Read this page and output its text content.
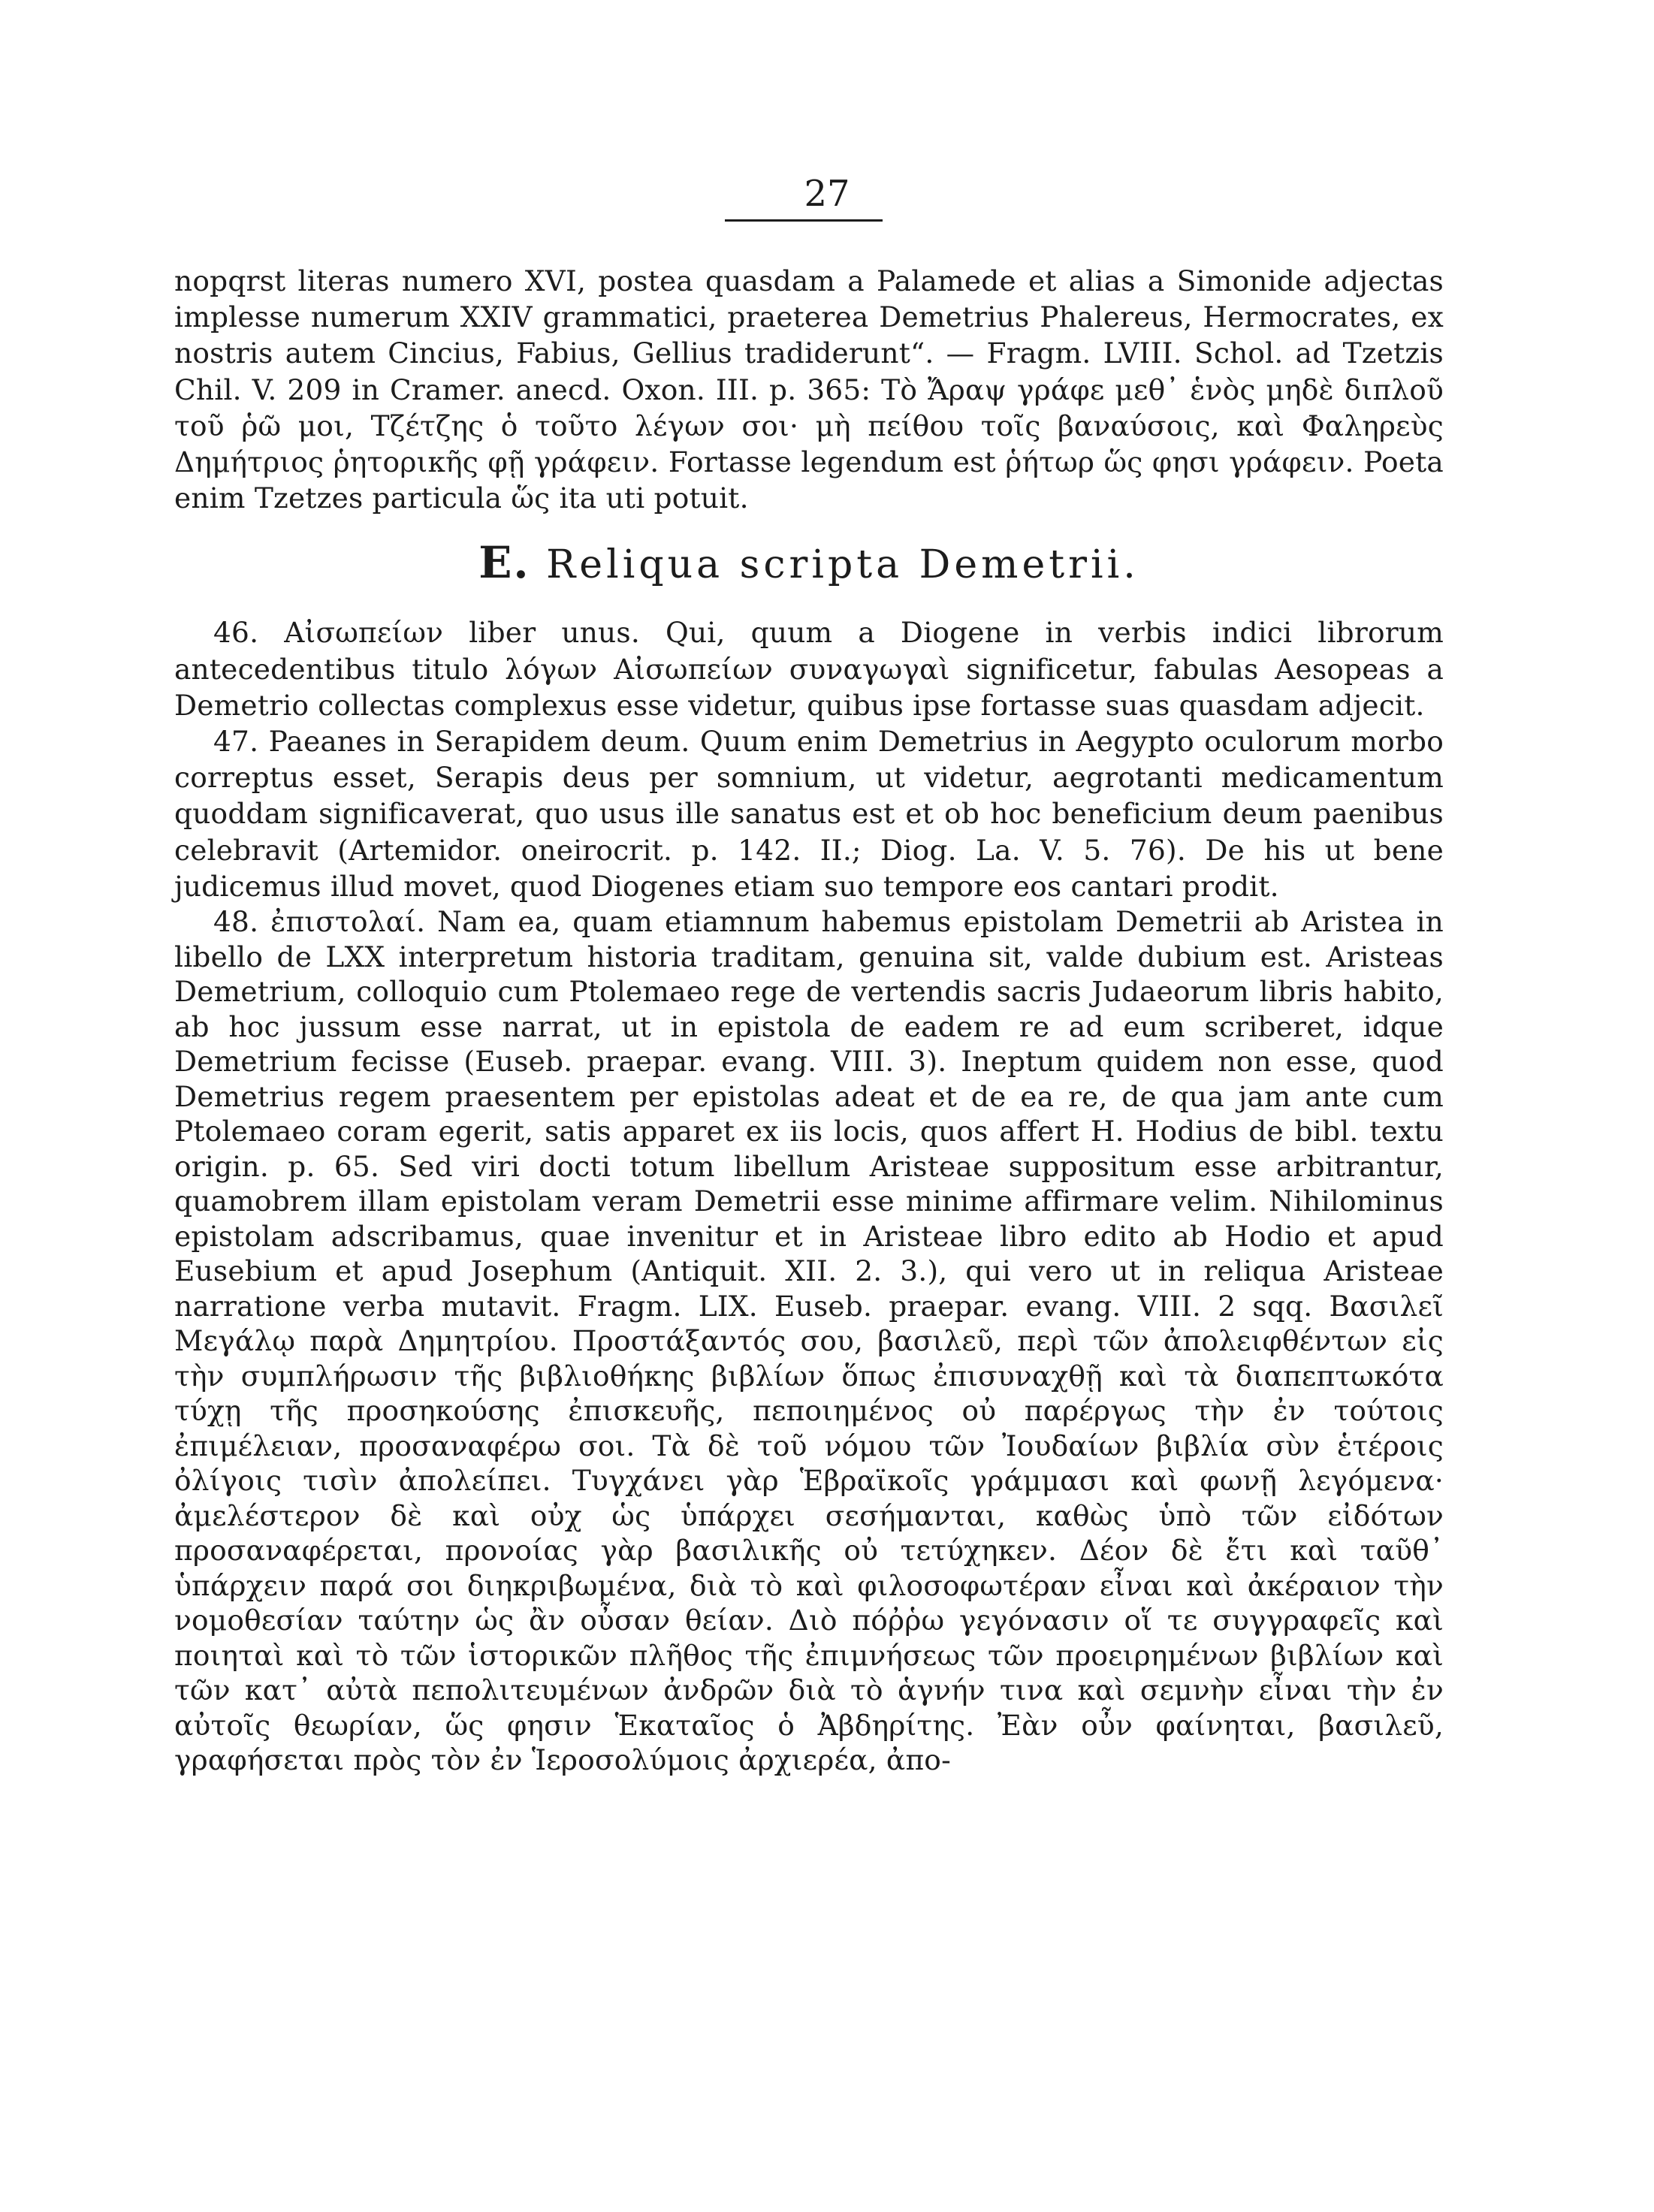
27

nopqrst literas numero XVI, postea quasdam a Palamede et alias a Simonide adjectas implesse numerum XXIV grammatici, praeterea Demetrius Phalereus, Hermocrates, ex nostris autem Cincius, Fabius, Gellius tradiderunt“. — Fragm. LVIII. Schol. ad Tzetzis Chil. V. 209 in Cramer. anecd. Oxon. III. p. 365: Τὸ Ἄραψ γράφε μεθ᾽ ἑνὸς μηδὲ διπλοῦ τοῦ ῥῶ μοι, Τζέτζης ὁ τοῦτο λέγων σοι· μὴ πείθου τοῖς βαναύσοις, καὶ Φαληρεὺς Δημήτριος ῥητορικῆς φῇ γράφειν. Fortasse legendum est ῥήτωρ ὥς φησι γράφειν. Poeta enim Tzetzes particula ὥς ita uti potuit.

E. Reliqua scripta Demetrii.

46. Αἰσωπείων liber unus. Qui, quum a Diogene in verbis indici librorum antecedentibus titulo λόγων Αἰσωπείων συναγωγαὶ significetur, fabulas Aesopeas a Demetrio collectas complexus esse videtur, quibus ipse fortasse suas quasdam adjecit.

47. Paeanes in Serapidem deum. Quum enim Demetrius in Aegypto oculorum morbo correptus esset, Serapis deus per somnium, ut videtur, aegrotanti medicamentum quoddam significaverat, quo usus ille sanatus est et ob hoc beneficium deum paenibus celebravit (Artemidor. oneirocrit. p. 142. II.; Diog. La. V. 5. 76). De his ut bene judicemus illud movet, quod Diogenes etiam suo tempore eos cantari prodit.

48. ἐπιστολαί. Nam ea, quam etiamnum habemus epistolam Demetrii ab Aristea in libello de LXX interpretum historia traditam, genuina sit, valde dubium est. Aristeas Demetrium, colloquio cum Ptolemaeo rege de vertendis sacris Judaeorum libris habito, ab hoc jussum esse narrat, ut in epistola de eadem re ad eum scriberet, idque Demetrium fecisse (Euseb. praepar. evang. VIII. 3). Ineptum quidem non esse, quod Demetrius regem praesentem per epistolas adeat et de ea re, de qua jam ante cum Ptolemaeo coram egerit, satis apparet ex iis locis, quos affert H. Hodius de bibl. textu origin. p. 65. Sed viri docti totum libellum Aristeae suppositum esse arbitrantur, quamobrem illam epistolam veram Demetrii esse minime affirmare velim. Nihilominus epistolam adscribamus, quae invenitur et in Aristeae libro edito ab Hodio et apud Eusebium et apud Josephum (Antiquit. XII. 2. 3.), qui vero ut in reliqua Aristeae narratione verba mutavit. Fragm. LIX. Euseb. praepar. evang. VIII. 2 sqq. Βασιλεῖ Μεγάλῳ παρὰ Δημητρίου. Προστάξαντός σου, βασιλεῦ, περὶ τῶν ἀπολειφθέντων εἰς τὴν συμπλήρωσιν τῆς βιβλιοθήκης βιβλίων ὅπως ἐπισυναχθῇ καὶ τὰ διαπεπτωκότα τύχῃ τῆς προσηκούσης ἐπισκευῆς, πεποιημένος οὐ παρέργως τὴν ἐν τούτοις ἐπιμέλειαν, προσαναφέρω σοι. Τὰ δὲ τοῦ νόμου τῶν Ἰουδαίων βιβλία σὺν ἑτέροις ὀλίγοις τισὶν ἀπολείπει. Τυγχάνει γὰρ Ἑβραϊκοῖς γράμμασι καὶ φωνῇ λεγόμενα· ἀμελέστερον δὲ καὶ οὐχ ὡς ὑπάρχει σεσήμανται, καθὼς ὑπὸ τῶν εἰδότων προσαναφέρεται, προνοίας γὰρ βασιλικῆς οὐ τετύχηκεν. Δέον δὲ ἔτι καὶ ταῦθ᾽ ὑπάρχειν παρά σοι διηκριβωμένα, διὰ τὸ καὶ φιλοσοφωτέραν εἶναι καὶ ἀκέραιον τὴν νομοθεσίαν ταύτην ὡς ἂν οὖσαν θείαν. Διὸ πόῤῥω γεγόνασιν οἵ τε συγγραφεῖς καὶ ποιηταὶ καὶ τὸ τῶν ἱστορικῶν πλῆθος τῆς ἐπιμνήσεως τῶν προειρημένων βιβλίων καὶ τῶν κατ᾽ αὐτὰ πεπολιτευμένων ἀνδρῶν διὰ τὸ ἁγνήν τινα καὶ σεμνὴν εἶναι τὴν ἐν αὐτοῖς θεωρίαν, ὥς φησιν Ἑκαταῖος ὁ Ἀβδηρίτης. Ἐὰν οὖν φαίνηται, βασιλεῦ, γραφήσεται πρὸς τὸν ἐν Ἱεροσολύμοις ἀρχιερέα, ἀπο-
